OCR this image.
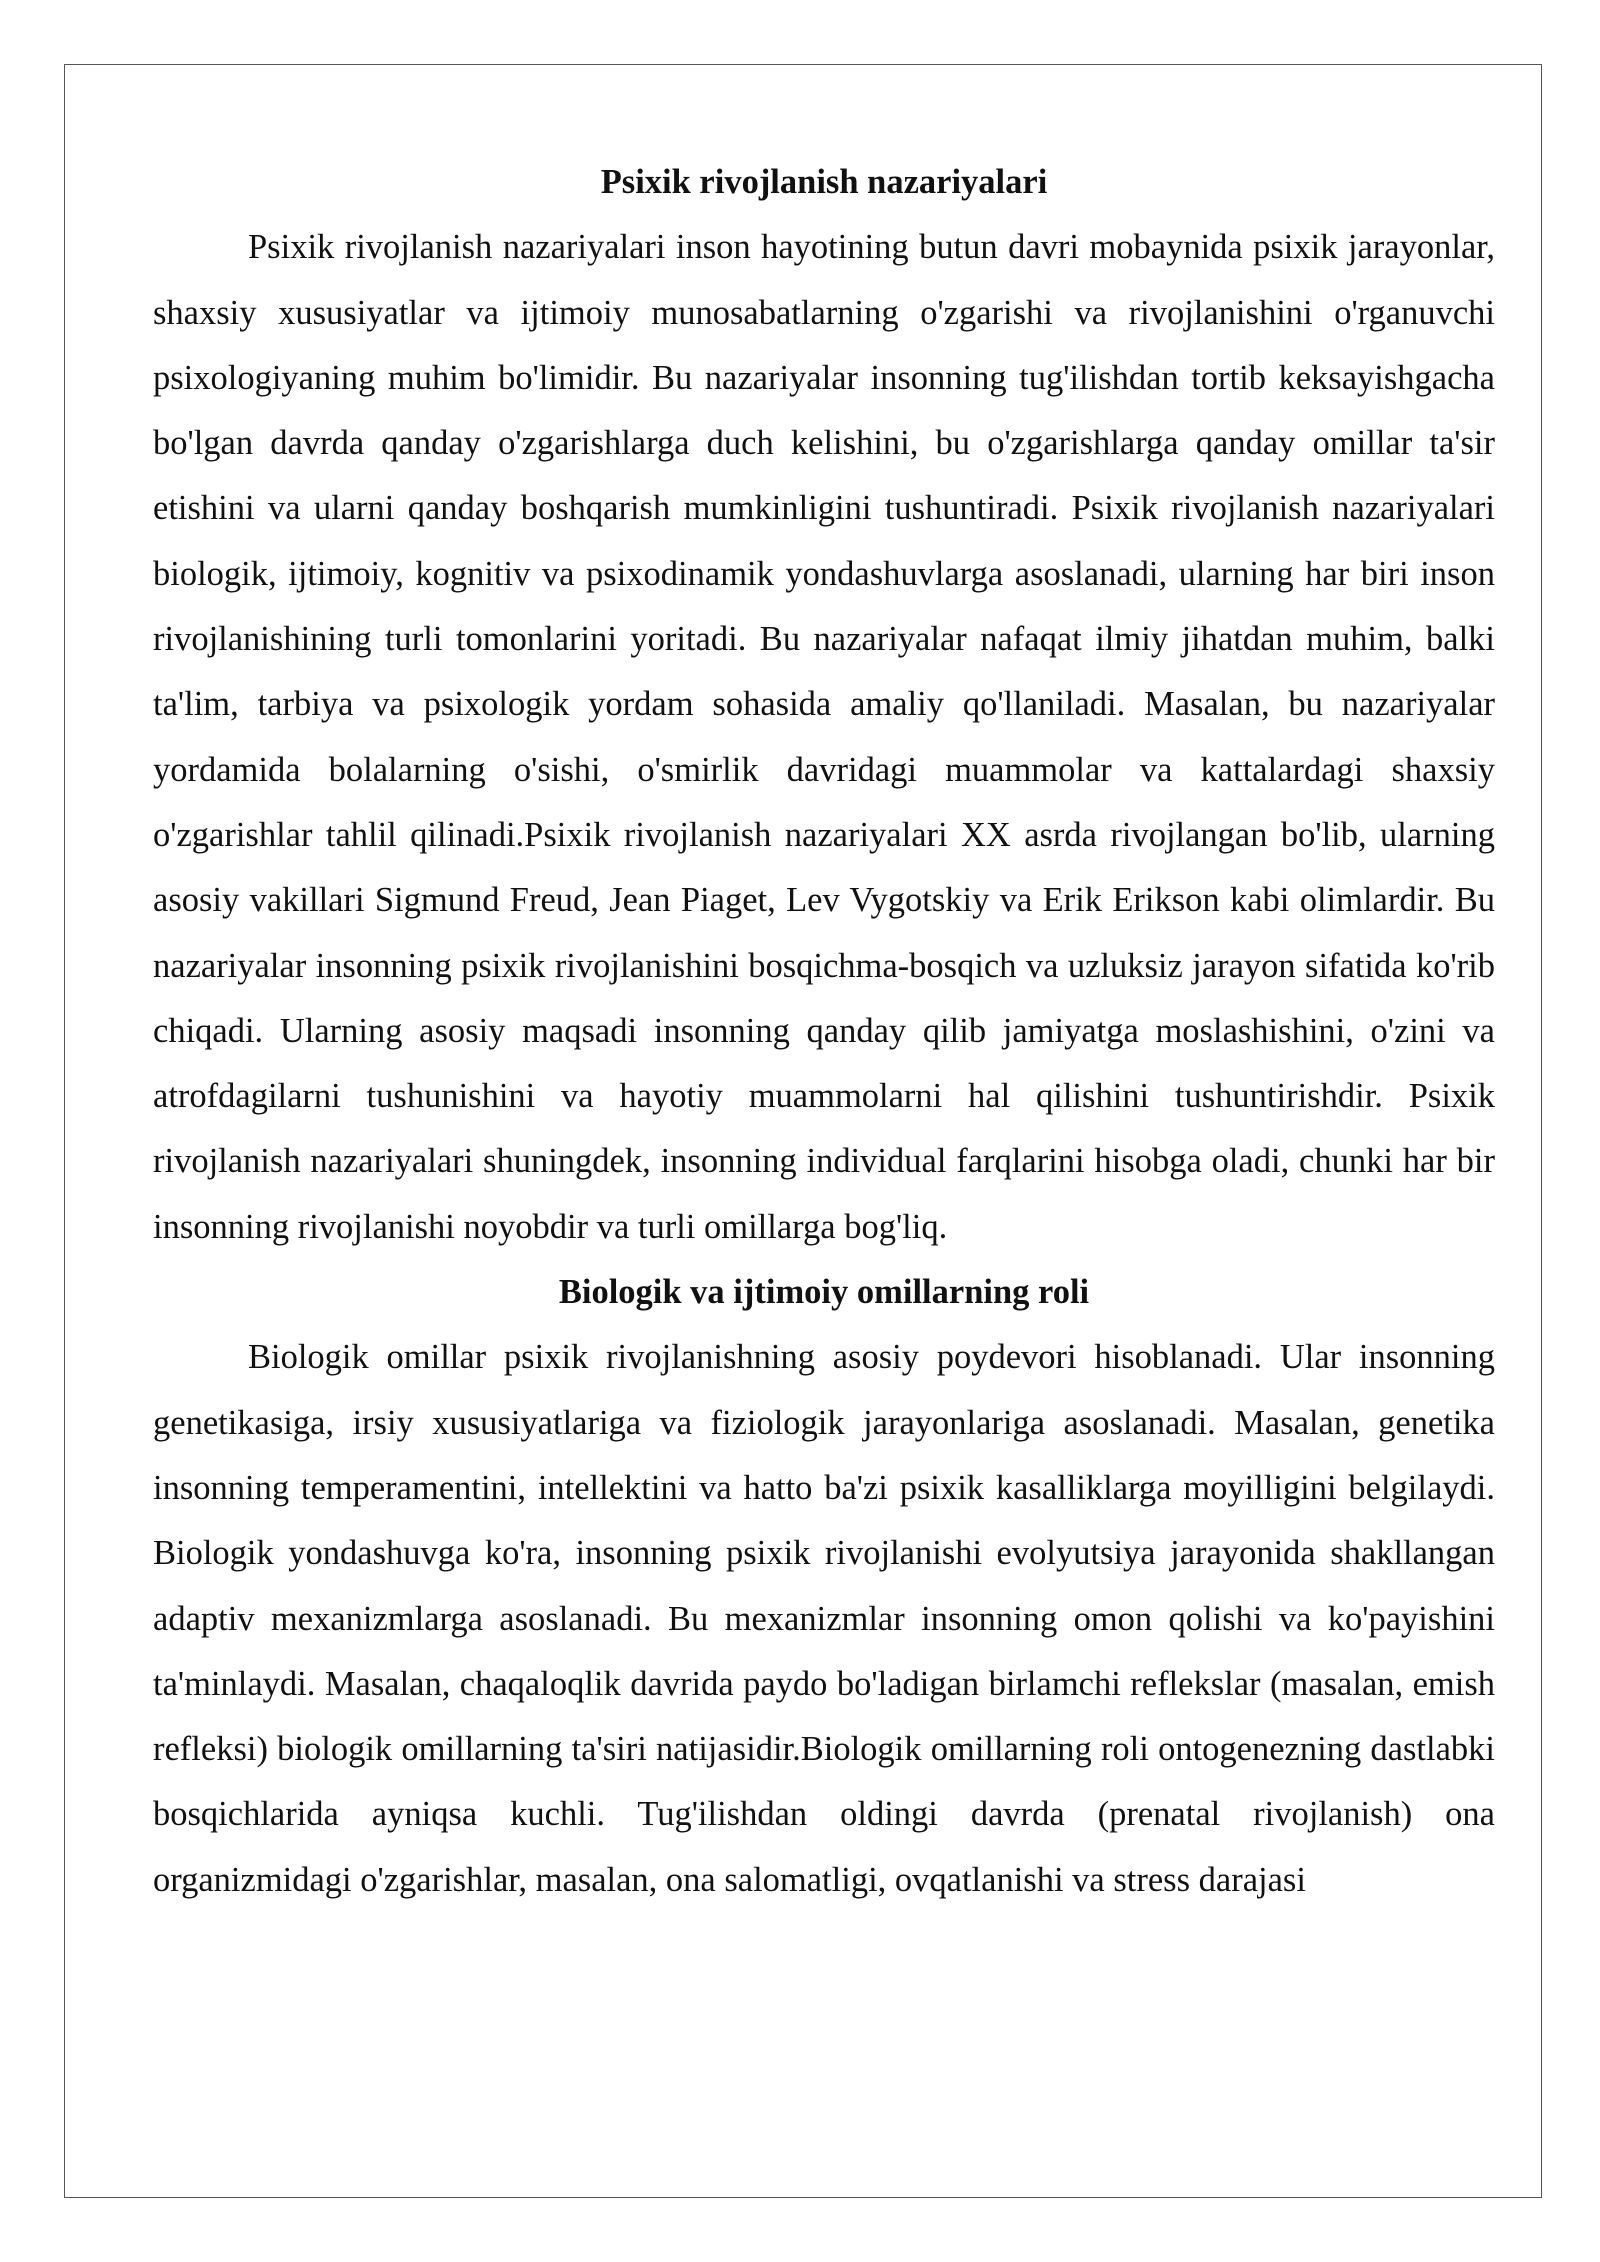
Psixik rivojlanish nazariyalari

Psixik rivojlanish nazariyalari inson hayotining butun davri mobaynida psixik jarayonlar, shaxsiy xususiyatlar va ijtimoiy munosabatlarning o'zgarishi va rivojlanishini o'rganuvchi psixologiyaning muhim bo'limidir. Bu nazariyalar insonning tug'ilishdan tortib keksayishgacha bo'lgan davrda qanday o'zgarishlarga duch kelishini, bu o'zgarishlarga qanday omillar ta'sir etishini va ularni qanday boshqarish mumkinligini tushuntiradi. Psixik rivojlanish nazariyalari biologik, ijtimoiy, kognitiv va psixodinamik yondashuvlarga asoslanadi, ularning har biri inson rivojlanishining turli tomonlarini yoritadi. Bu nazariyalar nafaqat ilmiy jihatdan muhim, balki ta'lim, tarbiya va psixologik yordam sohasida amaliy qo'llaniladi. Masalan, bu nazariyalar yordamida bolalarning o'sishi, o'smirlik davridagi muammolar va kattalardagi shaxsiy o'zgarishlar tahlil qilinadi.Psixik rivojlanish nazariyalari XX asrda rivojlangan bo'lib, ularning asosiy vakillari Sigmund Freud, Jean Piaget, Lev Vygotskiy va Erik Erikson kabi olimlardir. Bu nazariyalar insonning psixik rivojlanishini bosqichma-bosqich va uzluksiz jarayon sifatida ko'rib chiqadi. Ularning asosiy maqsadi insonning qanday qilib jamiyatga moslashishini, o'zini va atrofdagilarni tushunishini va hayotiy muammolarni hal qilishini tushuntirishdir. Psixik rivojlanish nazariyalari shuningdek, insonning individual farqlarini hisobga oladi, chunki har bir insonning rivojlanishi noyobdir va turli omillarga bog'liq.

Biologik va ijtimoiy omillarning roli

Biologik omillar psixik rivojlanishning asosiy poydevori hisoblanadi. Ular insonning genetikasiga, irsiy xususiyatlariga va fiziologik jarayonlariga asoslanadi. Masalan, genetika insonning temperamentini, intellektini va hatto ba'zi psixik kasalliklarga moyilligini belgilaydi. Biologik yondashuvga ko'ra, insonning psixik rivojlanishi evolyutsiya jarayonida shakllangan adaptiv mexanizmlarga asoslanadi. Bu mexanizmlar insonning omon qolishi va ko'payishini ta'minlaydi. Masalan, chaqaloqlik davrida paydo bo'ladigan birlamchi reflekslar (masalan, emish refleksi) biologik omillarning ta'siri natijasidir.Biologik omillarning roli ontogenezning dastlabki bosqichlarida ayniqsa kuchli. Tug'ilishdan oldingi davrda (prenatal rivojlanish) ona organizmidagi o'zgarishlar, masalan, ona salomatligi, ovqatlanishi va stress darajasi
